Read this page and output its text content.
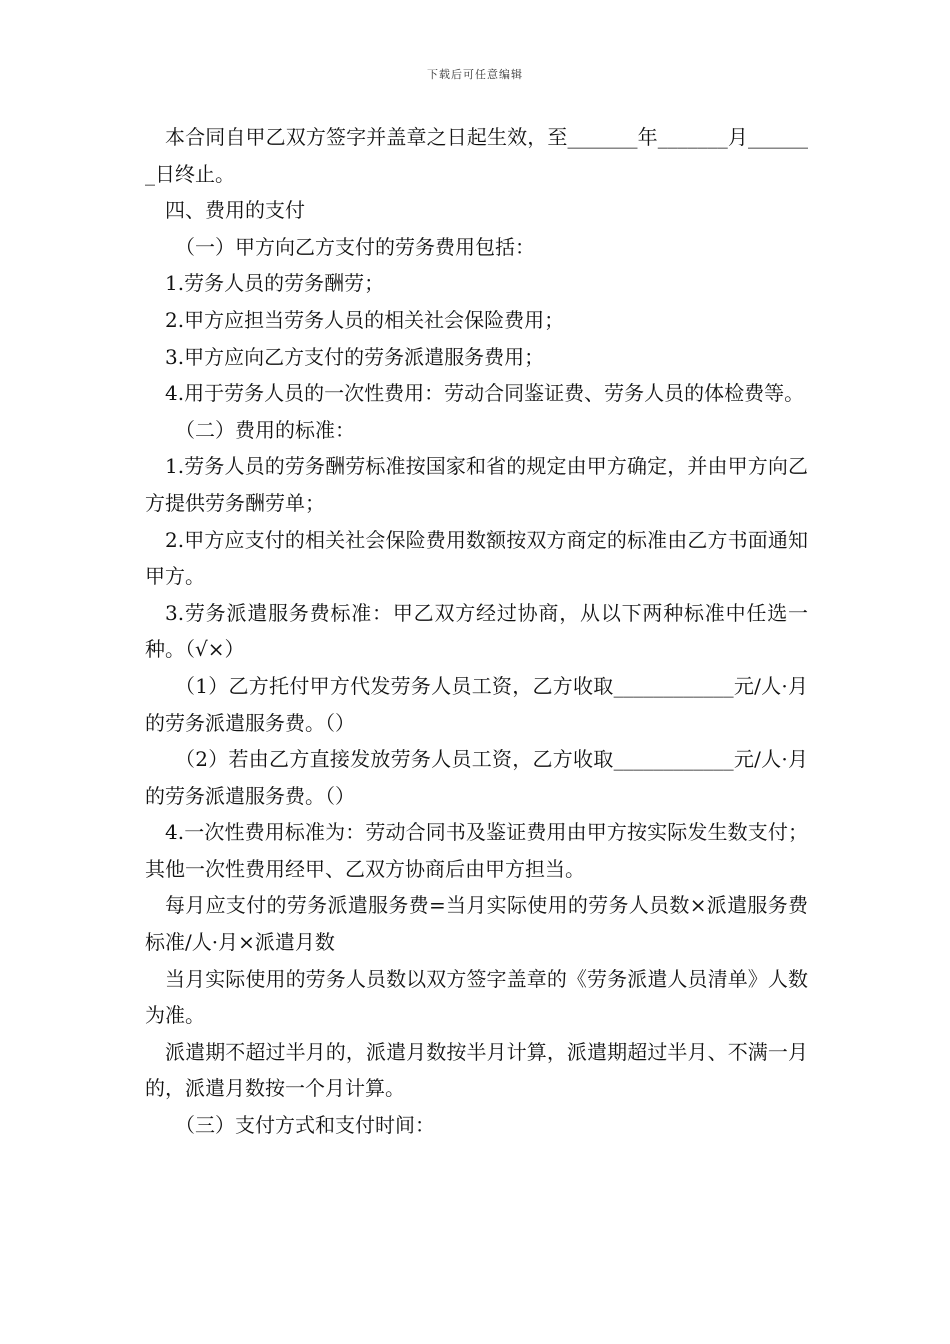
下载后可任意编辑

本合同自甲乙双方签字并盖章之日起生效，至_______年_______月_______日终止。

四、费用的支付

（一）甲方向乙方支付的劳务费用包括：

1.劳务人员的劳务酬劳；

2.甲方应担当劳务人员的相关社会保险费用；

3.甲方应向乙方支付的劳务派遣服务费用；

4.用于劳务人员的一次性费用：劳动合同鉴证费、劳务人员的体检费等。

（二）费用的标准：

1.劳务人员的劳务酬劳标准按国家和省的规定由甲方确定，并由甲方向乙方提供劳务酬劳单；

2.甲方应支付的相关社会保险费用数额按双方商定的标准由乙方书面通知甲方。

3.劳务派遣服务费标准：甲乙双方经过协商，从以下两种标准中任选一种。（√×）

（1）乙方托付甲方代发劳务人员工资，乙方收取____________元/人·月的劳务派遣服务费。（）

（2）若由乙方直接发放劳务人员工资，乙方收取____________元/人·月的劳务派遣服务费。（）

4.一次性费用标准为：劳动合同书及鉴证费用由甲方按实际发生数支付；其他一次性费用经甲、乙双方协商后由甲方担当。

每月应支付的劳务派遣服务费=当月实际使用的劳务人员数×派遣服务费标准/人·月×派遣月数

当月实际使用的劳务人员数以双方签字盖章的《劳务派遣人员清单》人数为准。

派遣期不超过半月的，派遣月数按半月计算，派遣期超过半月、不满一月的，派遣月数按一个月计算。

（三）支付方式和支付时间：
